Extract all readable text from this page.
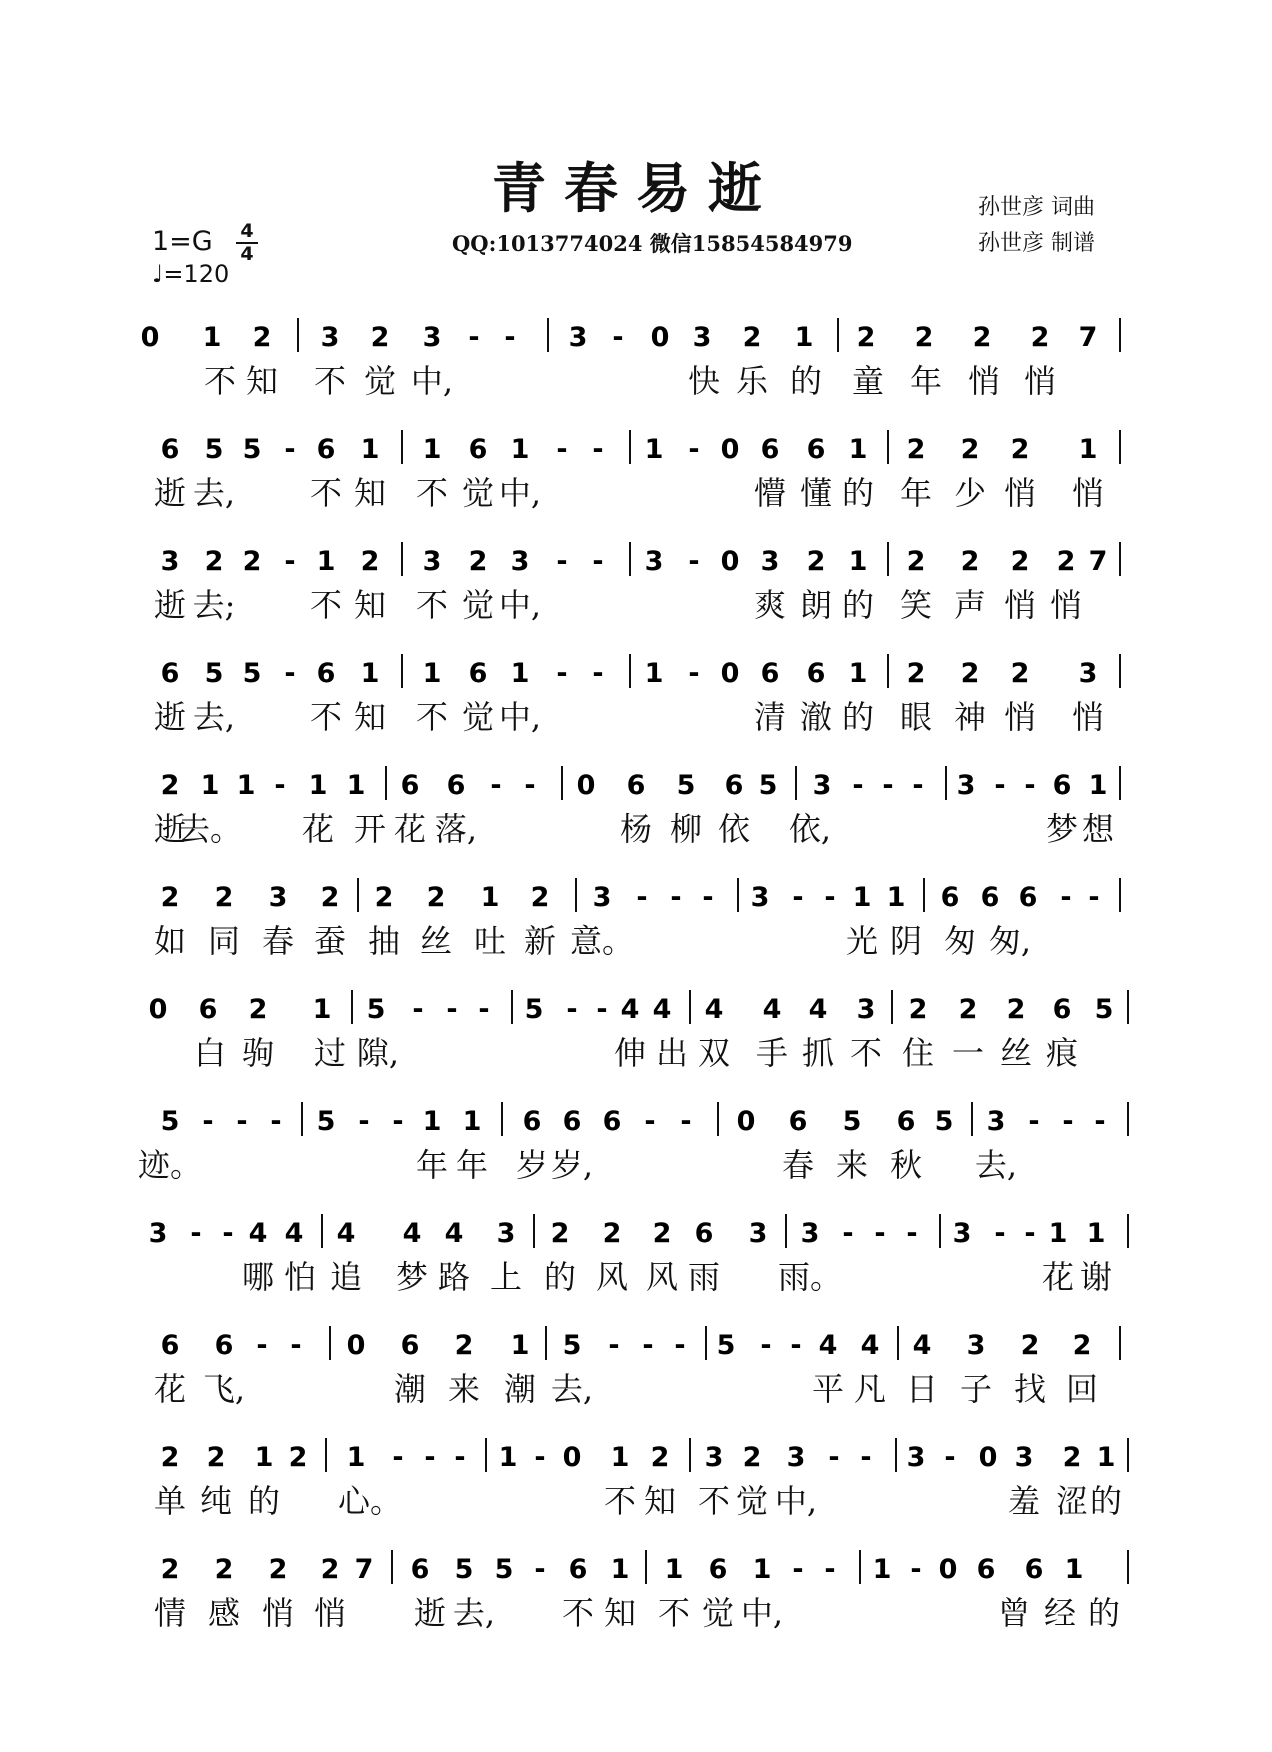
青春易逝	孙世彦 词曲
孙世彦 制谱
QQ:1013774024 微信15854584979
1=G 4
4
♩=120
0 1 2 3 2 3 - - 3 - 0 3 2 1 2 2 2 2 7
不 知 不 觉 中,	快 乐 的 童 年 悄 悄
6 5 5 - 6 1 1 6 1 - - 1 - 0 6 6 1 2 2 2 1
逝 去, 不 知 不 觉 中,	懵 懂 的 年 少 悄 悄
3 2 2 - 1 2 3 2 3 - - 3 - 0 3 2 1 2 2 2 2 7
逝 去; 不 知 不 觉 中,	爽 朗 的 笑 声 悄 悄
6 5 5 - 6 1 1 6 1 - - 1 - 0 6 6 1 2 2 2 3
逝 去, 不 知 不 觉 中,	清 澈 的 眼 神 悄 悄
2 1 1 - 1 1 6 6 - - 0 6 5 6 5 3 - - - 3 - - 6 1
逝
去。 花 开 花 落,	杨 柳 依 依,	梦 想
2 2 3 2 2 2 1 2 3 - - - 3 - - 1 1 6 6 6 - -
如 同 春 蚕 抽 丝 吐 新 意。	光 阴 匆 匆,
0 6 2 1 5 - - - 5 - - 4 4 4 4 4 3 2 2 2 6 5
白 驹 过 隙,	伸 出 双 手 抓 不 住 一 丝 痕
5 - - - 5 - - 1 1 6 6 6 - - 0 6 5 6 5 3 - - -
迹。	年 年 岁 岁,	春 来 秋 去,
3 - - 4 4 4 4 4 3 2 2 2 6 3 3 - - - 3 - - 1 1
哪 怕 追 梦 路 上 的 风 风 雨 雨。	花 谢
6 6 - - 0 6 2 1 5 - - - 5 - - 4 4 4 3 2 2
花 飞,	潮 来 潮 去,	平 凡 日 子 找 回
2 2 1 2 1 - - - 1 - 0 1 2 3 2 3 - - 3 - 0 3 2 1
单 纯 的 心。	不 知 不 觉 中,	羞 涩 的
2 2 2 2 7 6 5 5 - 6 1 1 6 1 - - 1 - 0 6 6 1
情 感 悄 悄 逝 去, 不 知 不 觉 中,	曾 经 的
